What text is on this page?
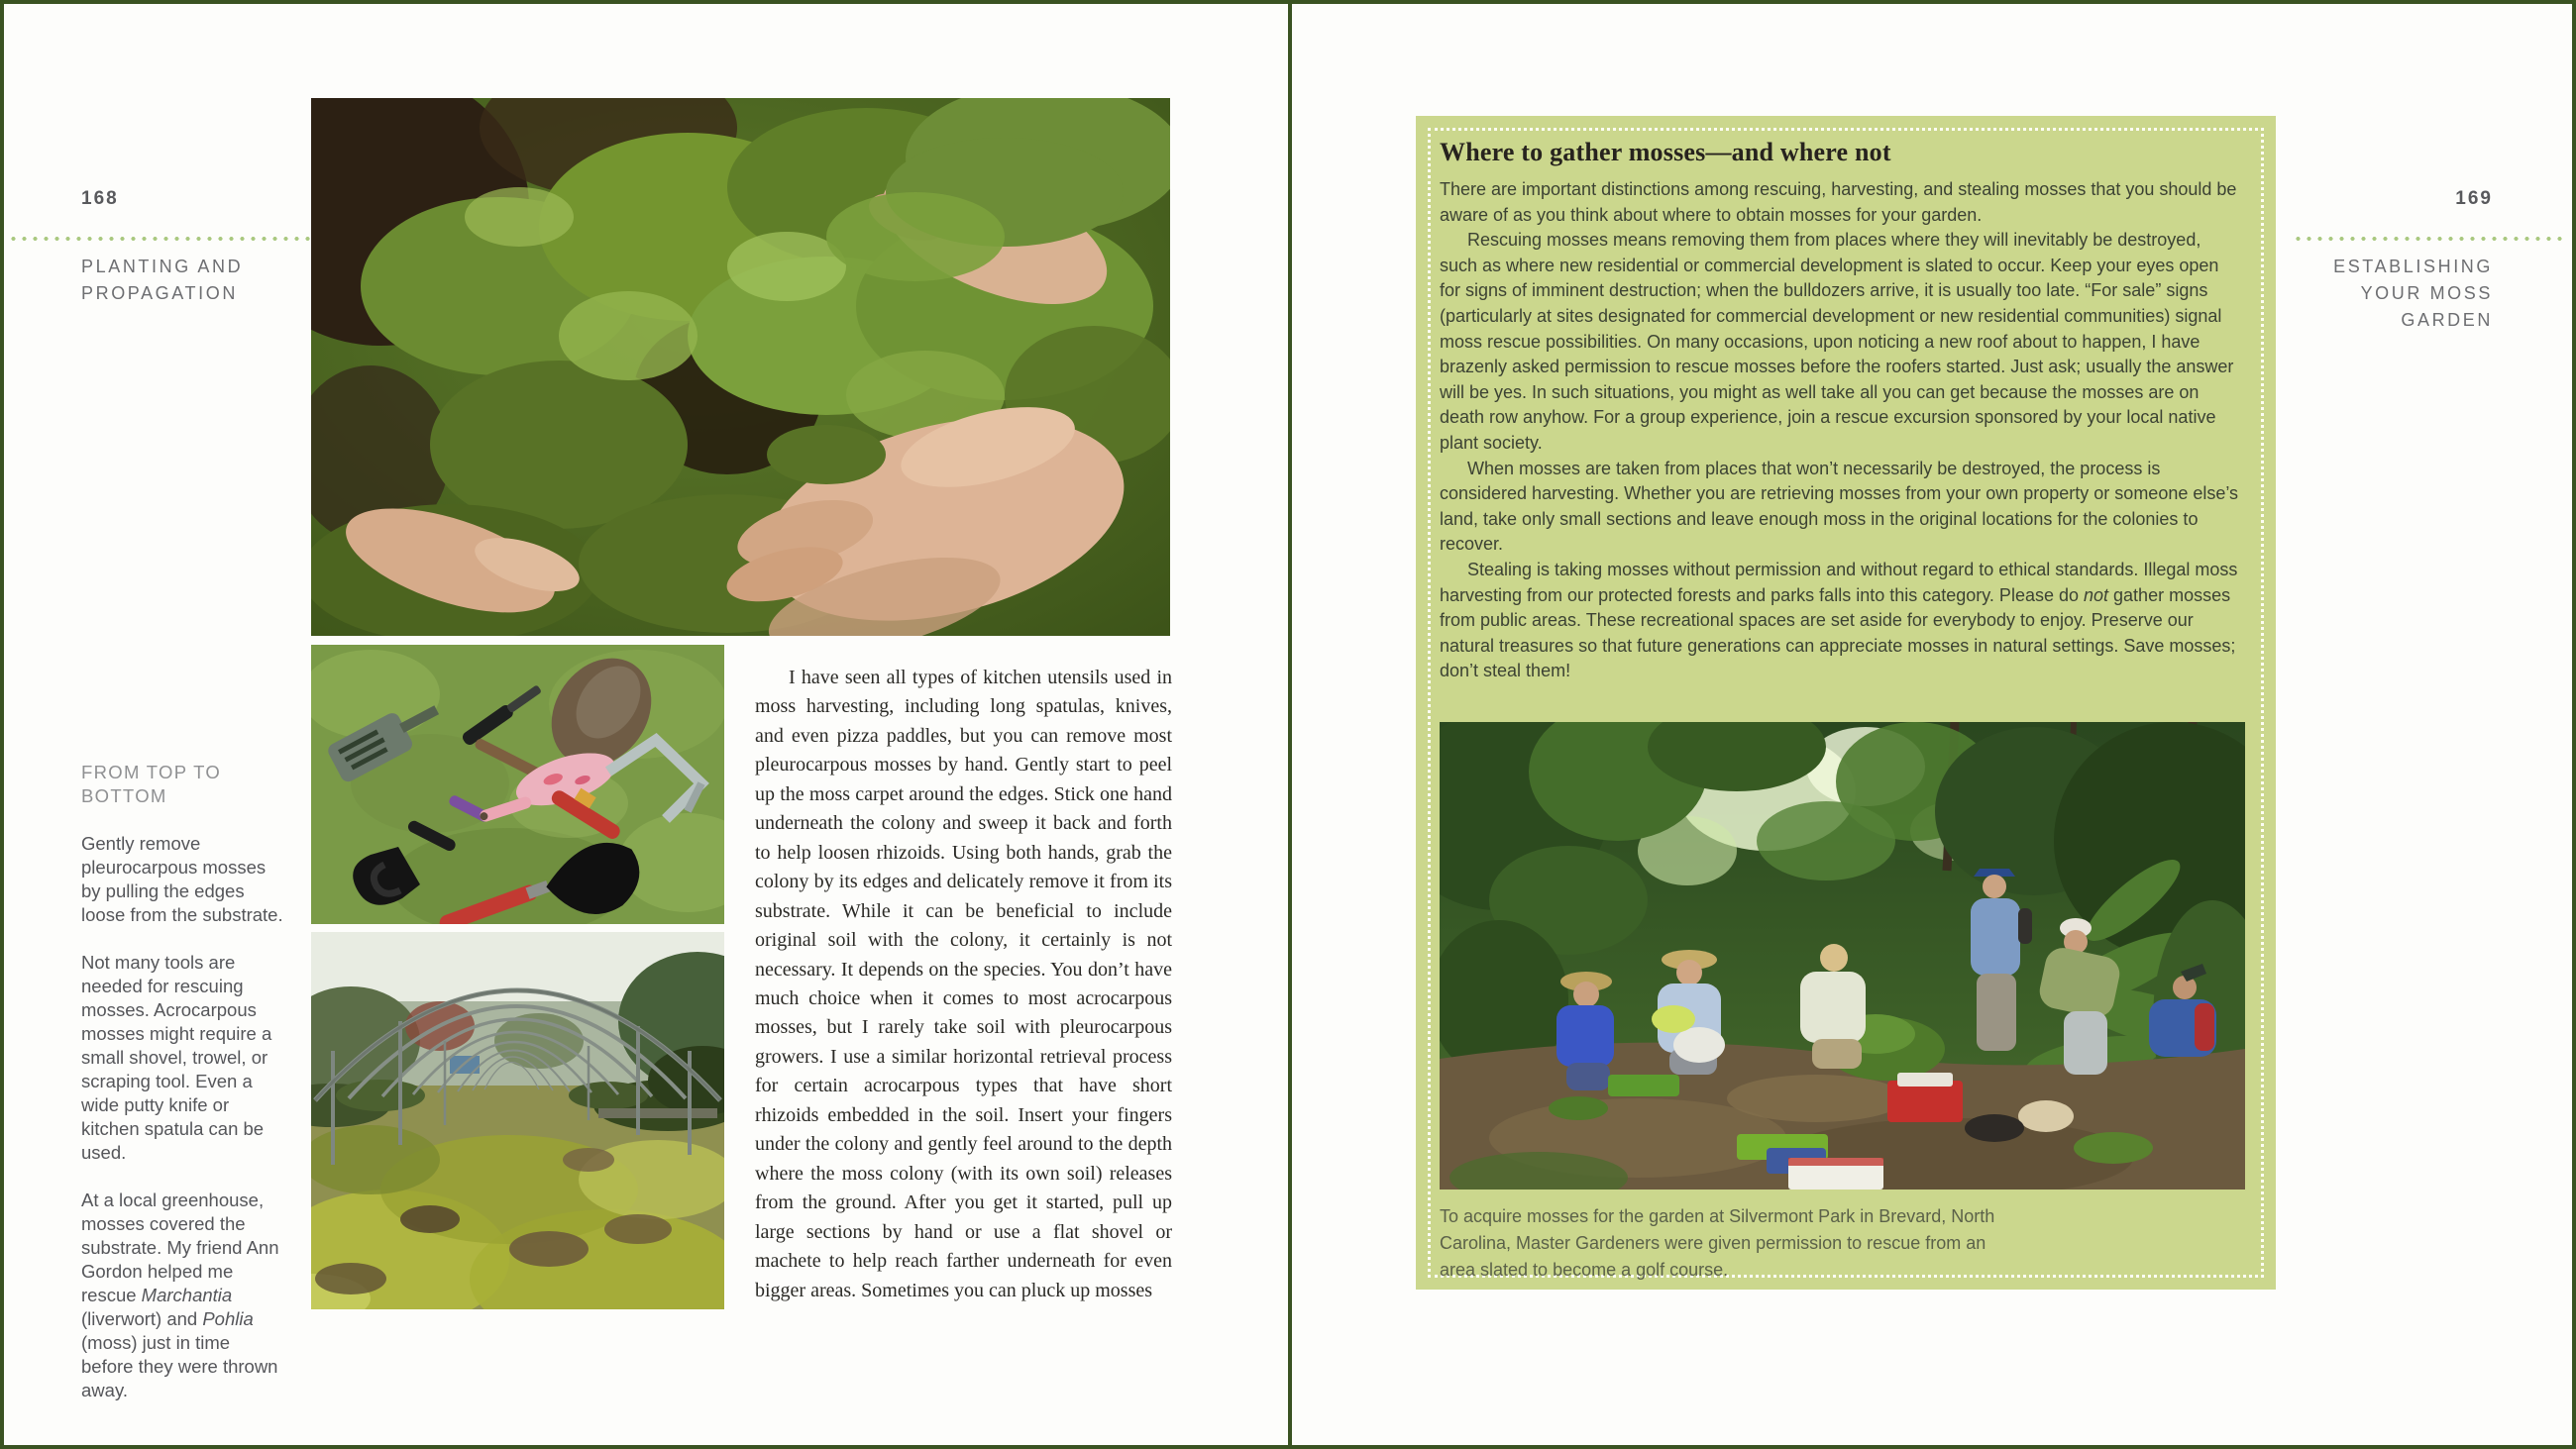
168
PLANTING AND
PROPAGATION

FROM TOP TO BOTTOM

Gently remove pleurocarpous mosses by pulling the edges loose from the substrate.

Not many tools are needed for rescuing mosses. Acrocarpous mosses might require a small shovel, trowel, or scraping tool. Even a wide putty knife or kitchen spatula can be used.

At a local greenhouse, mosses covered the substrate. My friend Ann Gordon helped me rescue Marchantia (liverwort) and Pohlia (moss) just in time before they were thrown away.

I have seen all types of kitchen utensils used in moss harvesting, including long spatulas, knives, and even pizza paddles, but you can remove most pleurocarpous mosses by hand. Gently start to peel up the moss carpet around the edges. Stick one hand underneath the colony and sweep it back and forth to help loosen rhizoids. Using both hands, grab the colony by its edges and delicately remove it from its substrate. While it can be beneficial to include original soil with the colony, it certainly is not necessary. It depends on the species. You don’t have much choice when it comes to most acrocarpous mosses, but I rarely take soil with pleurocarpous growers. I use a similar horizontal retrieval process for certain acrocarpous types that have short rhizoids embedded in the soil. Insert your fingers under the colony and gently feel around to the depth where the moss colony (with its own soil) releases from the ground. After you get it started, pull up large sections by hand or use a flat shovel or machete to help reach farther underneath for even bigger areas. Sometimes you can pluck up mosses

169
ESTABLISHING
YOUR MOSS
GARDEN
Where to gather mosses—and where not

There are important distinctions among rescuing, harvesting, and stealing mosses that you should be aware of as you think about where to obtain mosses for your garden.

Rescuing mosses means removing them from places where they will inevitably be destroyed, such as where new residential or commercial development is slated to occur. Keep your eyes open for signs of imminent destruction; when the bulldozers arrive, it is usually too late. “For sale” signs (particularly at sites designated for commercial development or new residential communities) signal moss rescue possibilities. On many occasions, upon noticing a new roof about to happen, I have brazenly asked permission to rescue mosses before the roofers started. Just ask; usually the answer will be yes. In such situations, you might as well take all you can get because the mosses are on death row anyhow. For a group experience, join a rescue excursion sponsored by your local native plant society.

When mosses are taken from places that won’t necessarily be destroyed, the process is considered harvesting. Whether you are retrieving mosses from your own property or someone else’s land, take only small sections and leave enough moss in the original locations for the colonies to recover.

Stealing is taking mosses without permission and without regard to ethical standards. Illegal moss harvesting from our protected forests and parks falls into this category. Please do not gather mosses from public areas. These recreational spaces are set aside for everybody to enjoy. Preserve our natural treasures so that future generations can appreciate mosses in natural settings. Save mosses; don’t steal them!

To acquire mosses for the garden at Silvermont Park in Brevard, North Carolina, Master Gardeners were given permission to rescue from an area slated to become a golf course.
